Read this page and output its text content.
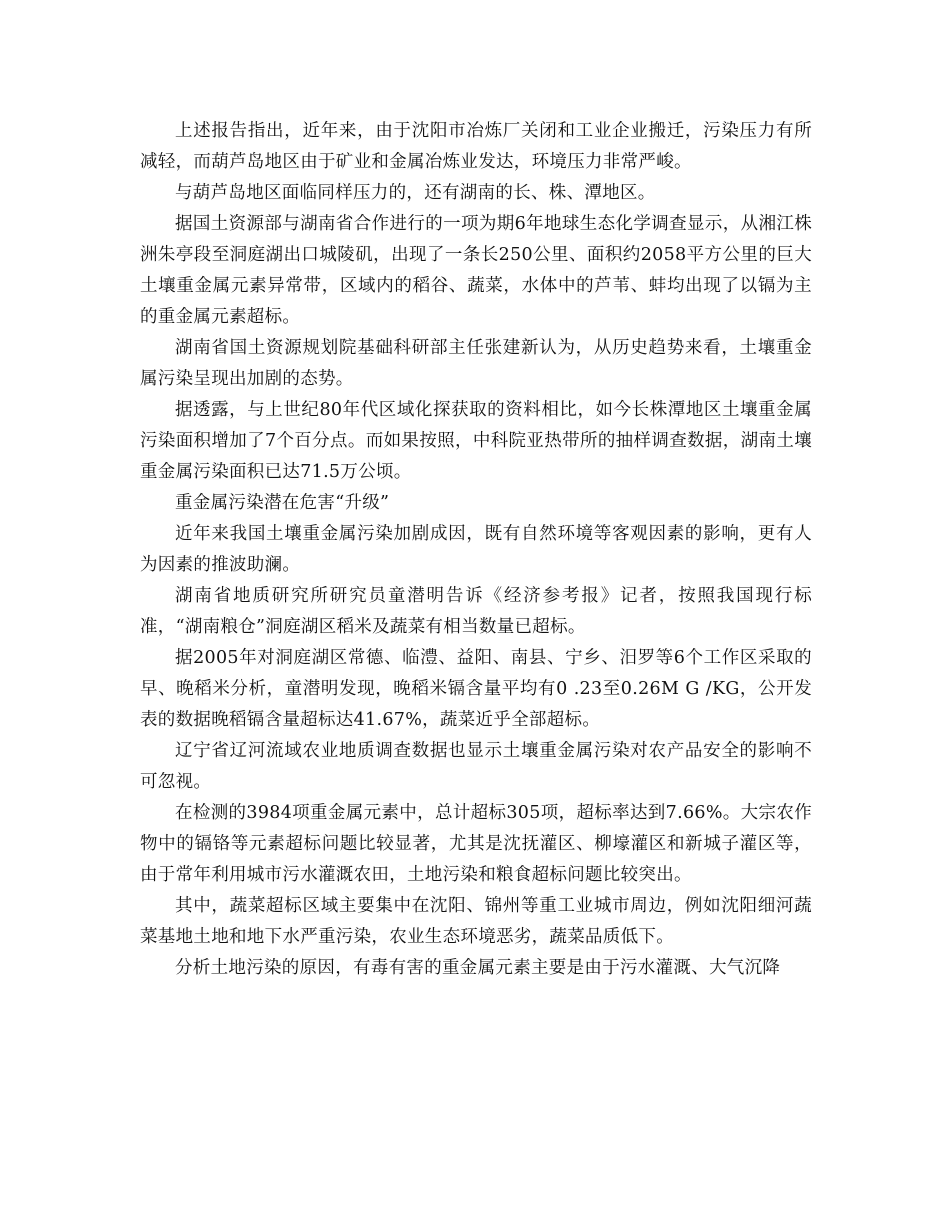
上述报告指出，近年来，由于沈阳市冶炼厂关闭和工业企业搬迁，污染压力有所减轻，而葫芦岛地区由于矿业和金属冶炼业发达，环境压力非常严峻。

与葫芦岛地区面临同样压力的，还有湖南的长、株、潭地区。

据国土资源部与湖南省合作进行的一项为期6年地球生态化学调查显示，从湘江株洲朱亭段至洞庭湖出口城陵矶，出现了一条长250公里、面积约2058平方公里的巨大土壤重金属元素异常带，区域内的稻谷、蔬菜，水体中的芦苇、蚌均出现了以镉为主的重金属元素超标。

湖南省国土资源规划院基础科研部主任张建新认为，从历史趋势来看，土壤重金属污染呈现出加剧的态势。

据透露，与上世纪80年代区域化探获取的资料相比，如今长株潭地区土壤重金属污染面积增加了7个百分点。而如果按照，中科院亚热带所的抽样调查数据，湖南土壤重金属污染面积已达71.5万公顷。

重金属污染潜在危害“升级”

近年来我国土壤重金属污染加剧成因，既有自然环境等客观因素的影响，更有人为因素的推波助澜。

湖南省地质研究所研究员童潜明告诉《经济参考报》记者，按照我国现行标准，“湖南粮仓”洞庭湖区稻米及蔬菜有相当数量已超标。

据2005年对洞庭湖区常德、临澧、益阳、南县、宁乡、汨罗等6个工作区采取的早、晚稻米分析，童潜明发现，晚稻米镉含量平均有0 .23至0.26M G /KG，公开发表的数据晚稻镉含量超标达41.67%，蔬菜近乎全部超标。

辽宁省辽河流域农业地质调查数据也显示土壤重金属污染对农产品安全的影响不可忽视。

在检测的3984项重金属元素中，总计超标305项，超标率达到7.66%。大宗农作物中的镉铬等元素超标问题比较显著，尤其是沈抚灌区、柳壕灌区和新城子灌区等，由于常年利用城市污水灌溉农田，土地污染和粮食超标问题比较突出。

其中，蔬菜超标区域主要集中在沈阳、锦州等重工业城市周边，例如沈阳细河蔬菜基地土地和地下水严重污染，农业生态环境恶劣，蔬菜品质低下。

分析土地污染的原因，有毒有害的重金属元素主要是由于污水灌溉、大气沉降
